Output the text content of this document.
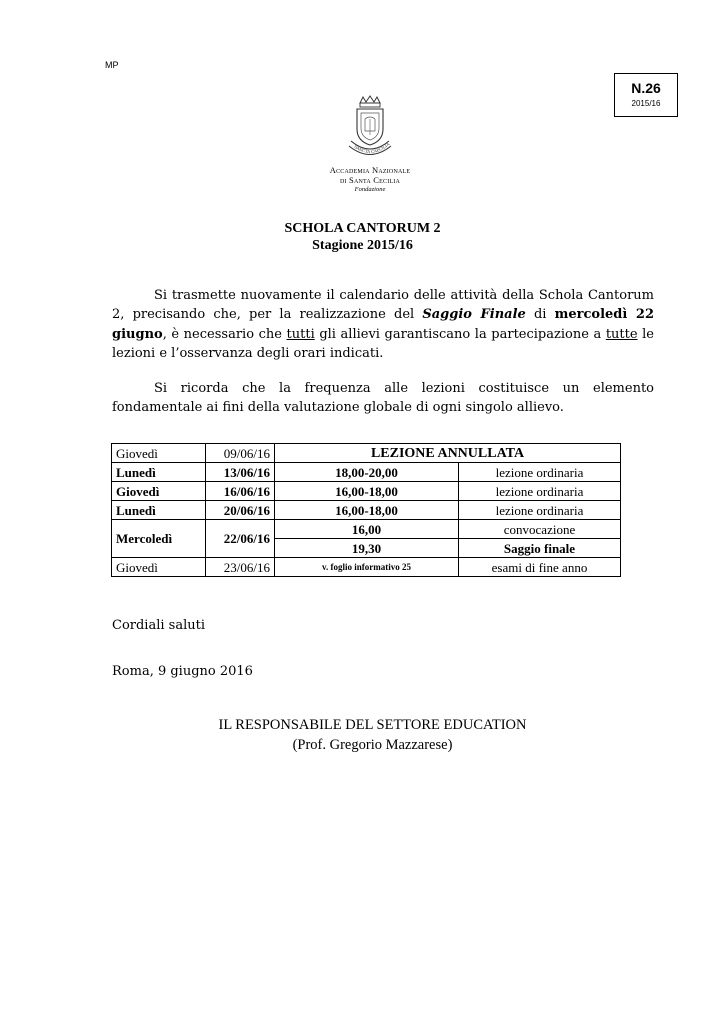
MP
N.26
2015/16
SANCTA CAECILIA
Accademia Nazionale
di Santa Cecilia
Fondazione
SCHOLA CANTORUM 2
Stagione 2015/16
Si trasmette nuovamente il calendario delle attività della Schola Cantorum 2, precisando che, per la realizzazione del Saggio Finale di mercoledì 22 giugno, è necessario che tutti gli allievi garantiscano la partecipazione a tutte le lezioni e l’osservanza degli orari indicati.
Si ricorda che la frequenza alle lezioni costituisce un elemento fondamentale ai fini della valutazione globale di ogni singolo allievo.
Giovedì	09/06/16	LEZIONE ANNULLATA	
Lunedì	13/06/16	18,00-20,00	lezione ordinaria
Giovedì	16/06/16	16,00-18,00	lezione ordinaria
Lunedì	20/06/16	16,00-18,00	lezione ordinaria
Mercoledì	22/06/16	16,00	convocazione
		19,30	Saggio finale
Giovedì	23/06/16	v. foglio informativo 25	esami di fine anno
Cordiali saluti
Roma, 9 giugno 2016
IL RESPONSABILE DEL SETTORE EDUCATION
(Prof. Gregorio Mazzarese)
